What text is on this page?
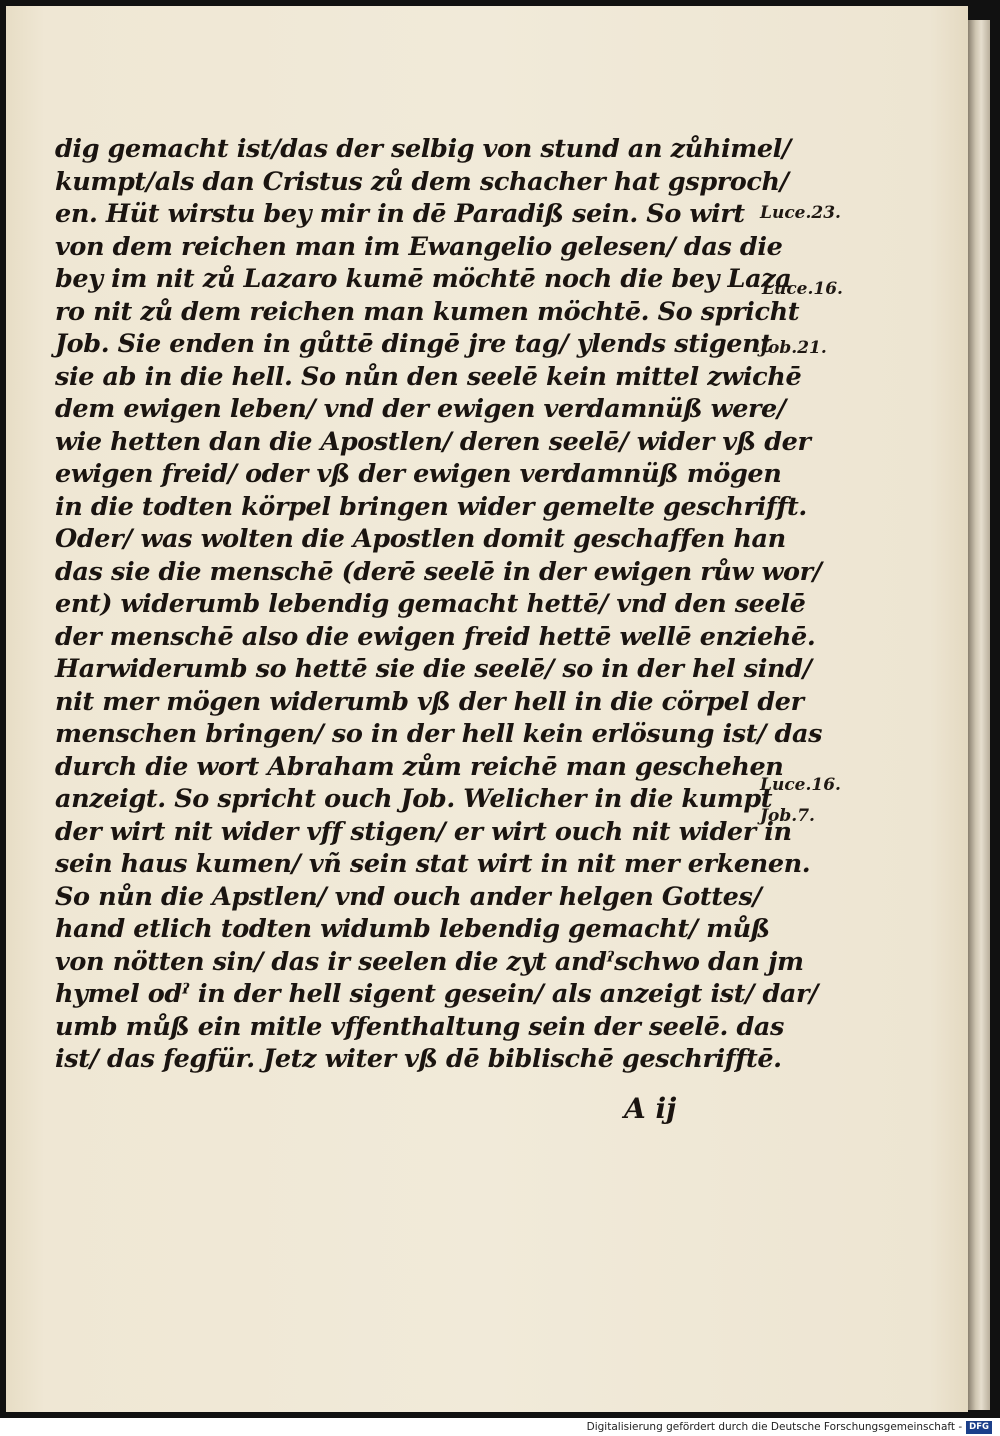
dig gemacht ist/das der selbig von stund an zůhimel/
kumpt/als dan Cristus zů dem schacher hat gsproch/
en. Hüt wirstu bey mir in dē Paradiß sein. So wirt
von dem reichen man im Ewangelio gelesen/ das die
bey im nit zů Lazaro kumē möchtē noch die bey Laza
ro nit zů dem reichen man kumen möchtē. So spricht
Job. Sie enden in gůttē dingē jre tag/ ylends stigent
sie ab in die hell. So nůn den seelē kein mittel zwichē
dem ewigen leben/ vnd der ewigen verdamnüß were/
wie hetten dan die Apostlen/ deren seelē/ wider vß der
ewigen freid/ oder vß der ewigen verdamnüß mögen
in die todten körpel bringen wider gemelte geschrifft.
Oder/ was wolten die Apostlen domit geschaffen han
das sie die menschē (derē seelē in der ewigen růw wor/
ent) widerumb lebendig gemacht hettē/ vnd den seelē
der menschē also die ewigen freid hettē wellē enziehē.
Harwiderumb so hettē sie die seelē/ so in der hel sind/
nit mer mögen widerumb vß der hell in die cörpel der
menschen bringen/ so in der hell kein erlösung ist/ das
durch die wort Abraham zům reichē man geschehen
anzeigt. So spricht ouch Job. Welicher in die kumpt
der wirt nit wider vff stigen/ er wirt ouch nit wider in
sein haus kumen/ vñ sein stat wirt in nit mer erkenen.
So nůn die Apstlen/ vnd ouch ander helgen Gottes/
hand etlich todten widumb lebendig gemacht/ můß
von nötten sin/ das ir seelen die zyt andˀschwo dan jm
hymel odˀ in der hell sigent gesein/ als anzeigt ist/ dar/
umb můß ein mitle vffenthaltung sein der seelē. das
ist/ das fegfür. Jetz witer vß dē biblischē geschrifftē.
Luce.23.
Luce.16.
Job.21.
Luce.16.
Job.7.
A ij
Digitalisierung gefördert durch die Deutsche Forschungsgemeinschaft - DFG
